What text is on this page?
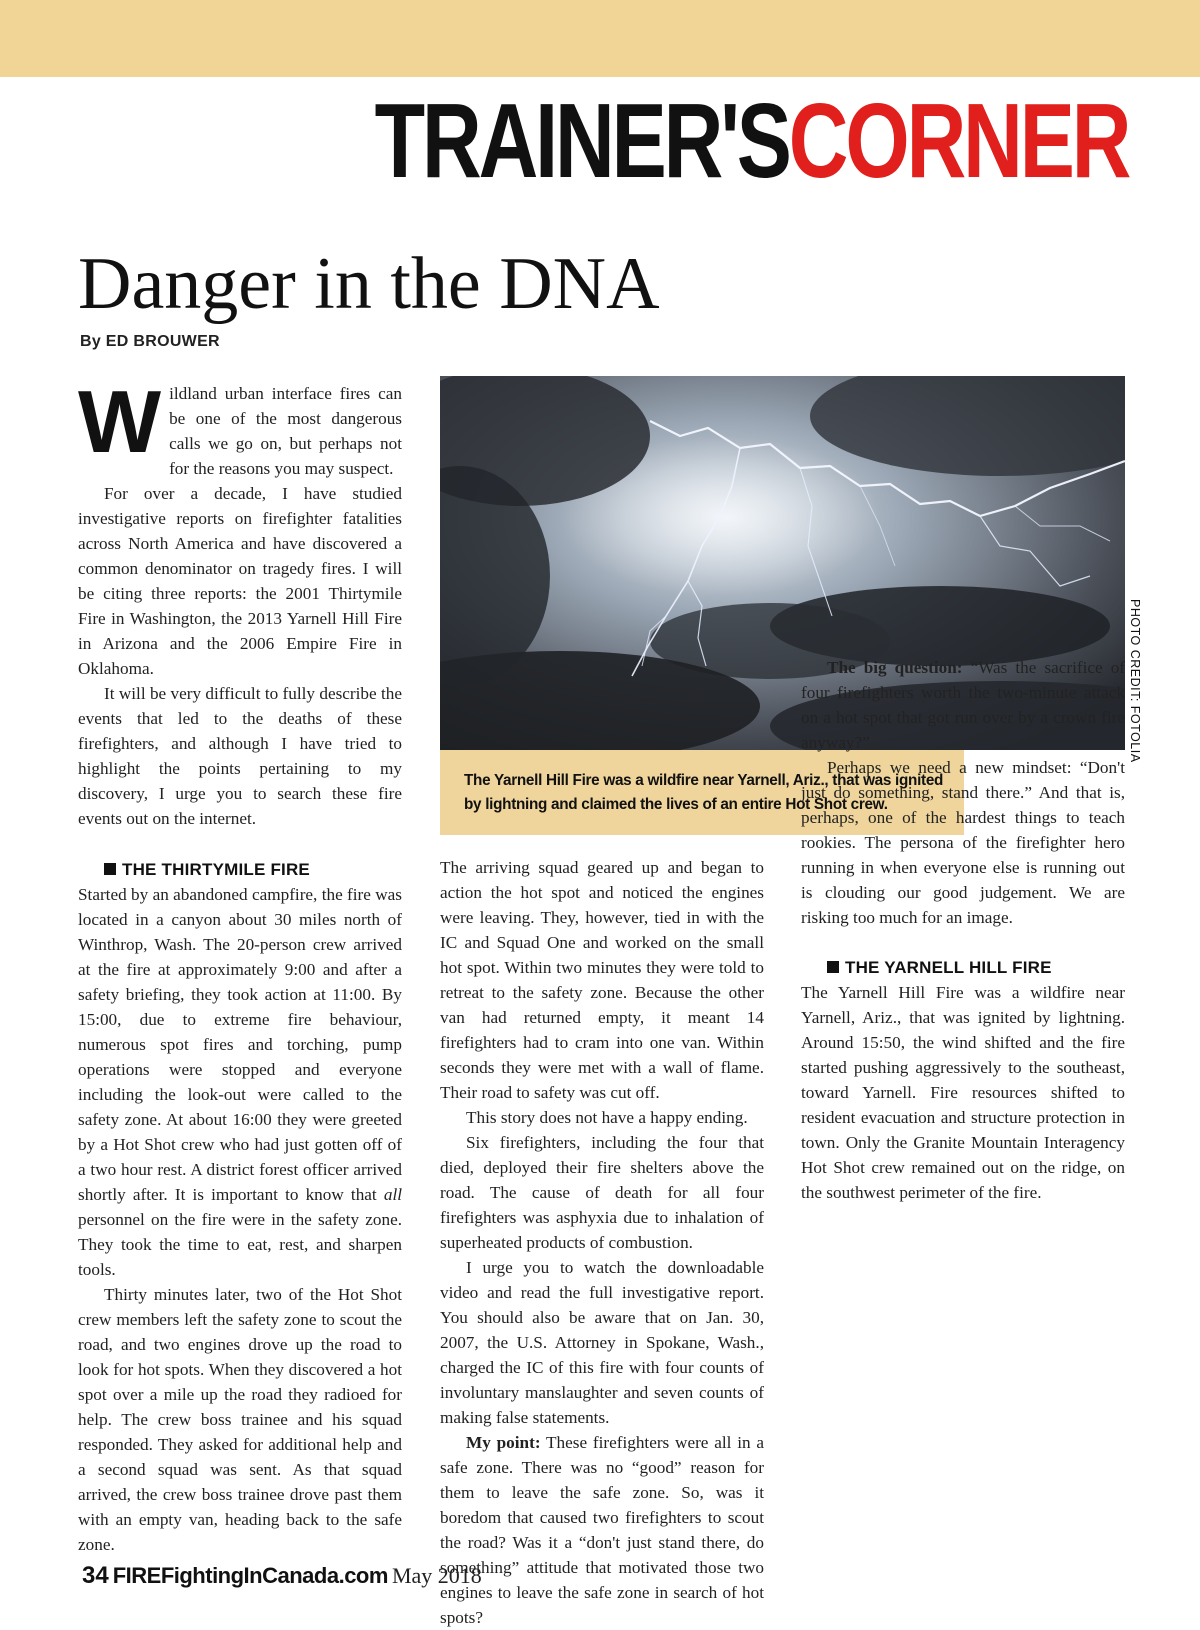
TRAINER'SCORNER
Danger in the DNA
By ED BROUWER

Wildland urban interface fires can be one of the most dangerous calls we go on, but perhaps not for the reasons you may suspect.

For over a decade, I have studied investigative reports on firefighter fatalities across North America and have discovered a common denominator on tragedy fires. I will be citing three reports: the 2001 Thirtymile Fire in Washington, the 2013 Yarnell Hill Fire in Arizona and the 2006 Empire Fire in Oklahoma.

It will be very difficult to fully describe the events that led to the deaths of these firefighters, and although I have tried to highlight the points pertaining to my discovery, I urge you to search these fire events out on the internet.

The Yarnell Hill Fire was a wildfire near Yarnell, Ariz., that was ignited by lightning and claimed the lives of an entire Hot Shot crew.
PHOTO CREDIT: FOTOLIA

THE THIRTYMILE FIRE

Started by an abandoned campfire, the fire was located in a canyon about 30 miles north of Winthrop, Wash. The 20-person crew arrived at the fire at approximately 9:00 and after a safety briefing, they took action at 11:00. By 15:00, due to extreme fire behaviour, numerous spot fires and torching, pump operations were stopped and everyone including the look-out were called to the safety zone. At about 16:00 they were greeted by a Hot Shot crew who had just gotten off of a two hour rest. A district forest officer arrived shortly after. It is important to know that all personnel on the fire were in the safety zone. They took the time to eat, rest, and sharpen tools.

Thirty minutes later, two of the Hot Shot crew members left the safety zone to scout the road, and two engines drove up the road to look for hot spots. When they discovered a hot spot over a mile up the road they radioed for help. The crew boss trainee and his squad responded. They asked for additional help and a second squad was sent. As that squad arrived, the crew boss trainee drove past them with an empty van, heading back to the safe zone.

The arriving squad geared up and began to action the hot spot and noticed the engines were leaving. They, however, tied in with the IC and Squad One and worked on the small hot spot. Within two minutes they were told to retreat to the safety zone. Because the other van had returned empty, it meant 14 firefighters had to cram into one van. Within seconds they were met with a wall of flame. Their road to safety was cut off.

This story does not have a happy ending.

Six firefighters, including the four that died, deployed their fire shelters above the road. The cause of death for all four firefighters was asphyxia due to inhalation of superheated products of combustion.

I urge you to watch the downloadable video and read the full investigative report. You should also be aware that on Jan. 30, 2007, the U.S. Attorney in Spokane, Wash., charged the IC of this fire with four counts of involuntary manslaughter and seven counts of making false statements.

My point: These firefighters were all in a safe zone. There was no “good” reason for them to leave the safe zone. So, was it boredom that caused two firefighters to scout the road? Was it a “don't just stand there, do something” attitude that motivated those two engines to leave the safe zone in search of hot spots?

The big question: “Was the sacrifice of four firefighters worth the two-minute attack on a hot spot that got run over by a crown fire anyway?”

Perhaps we need a new mindset: “Don't just do something, stand there.” And that is, perhaps, one of the hardest things to teach rookies. The persona of the firefighter hero running in when everyone else is running out is clouding our good judgement. We are risking too much for an image.

THE YARNELL HILL FIRE

The Yarnell Hill Fire was a wildfire near Yarnell, Ariz., that was ignited by lightning. Around 15:50, the wind shifted and the fire started pushing aggressively to the southeast, toward Yarnell. Fire resources shifted to resident evacuation and structure protection in town. Only the Granite Mountain Interagency Hot Shot crew remained out on the ridge, on the southwest perimeter of the fire.

34 FIREFightingInCanada.com May 2018
